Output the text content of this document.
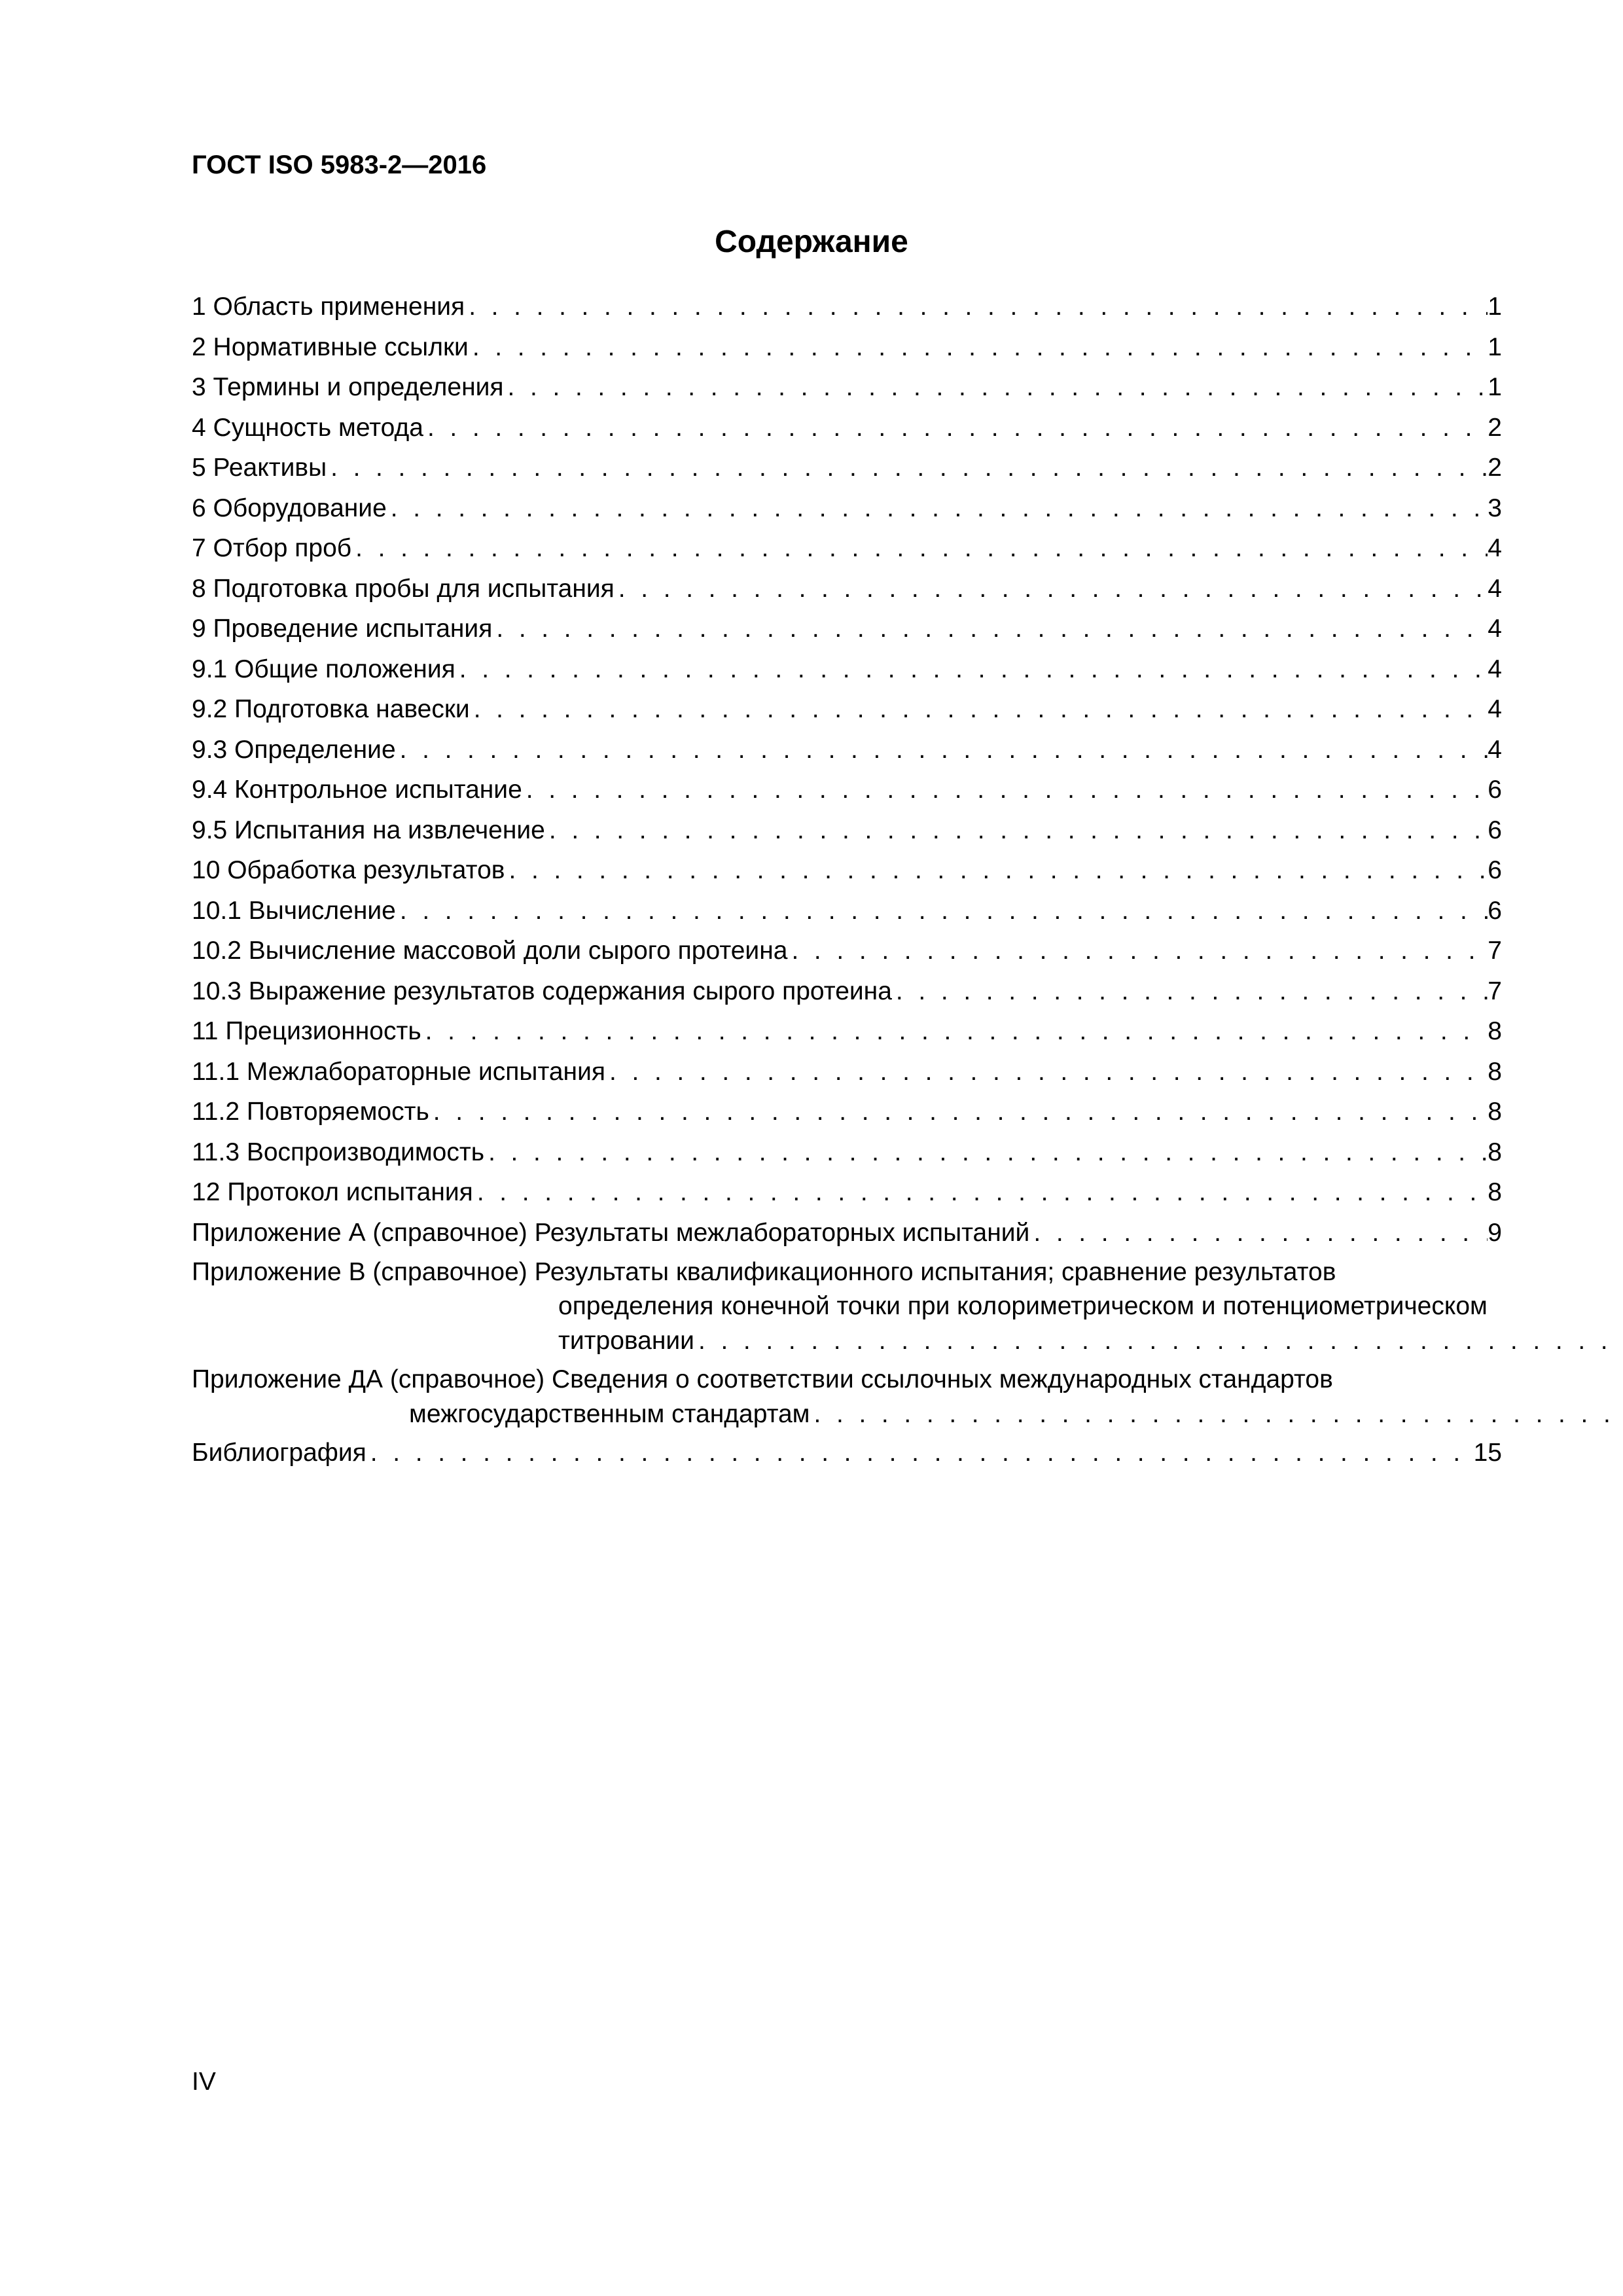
ГОСТ ISO 5983-2—2016
Содержание
1 Область применения . . .	1
2 Нормативные ссылки . . .	1
3 Термины и определения . . .	1
4 Сущность метода . . .	2
5 Реактивы . . .	2
6 Оборудование . . .	3
7 Отбор проб . . .	4
8 Подготовка пробы для испытания . . .	4
9 Проведение испытания . . .	4
9.1 Общие положения . . .	4
9.2 Подготовка навески . . .	4
9.3 Определение . . .	4
9.4 Контрольное испытание . . .	6
9.5 Испытания на извлечение . . .	6
10 Обработка результатов . . .	6
10.1 Вычисление . . .	6
10.2 Вычисление массовой доли сырого протеина . . .	7
10.3 Выражение результатов содержания сырого протеина . . .	7
11 Прецизионность . . .	8
11.1 Межлабораторные испытания . . .	8
11.2 Повторяемость . . .	8
11.3 Воспроизводимость . . .	8
12 Протокол испытания . . .	8
Приложение А (справочное) Результаты межлабораторных испытаний . . .	9
Приложение В (справочное) Результаты квалификационного испытания; сравнение результатов
определения конечной точки при колориметрическом и потенциометрическом
титровании
. . .
Приложение ДА (справочное) Сведения о соответствии ссылочных международных стандартов
межгосударственным стандартам
. . .
Библиография . . .	15
IV
